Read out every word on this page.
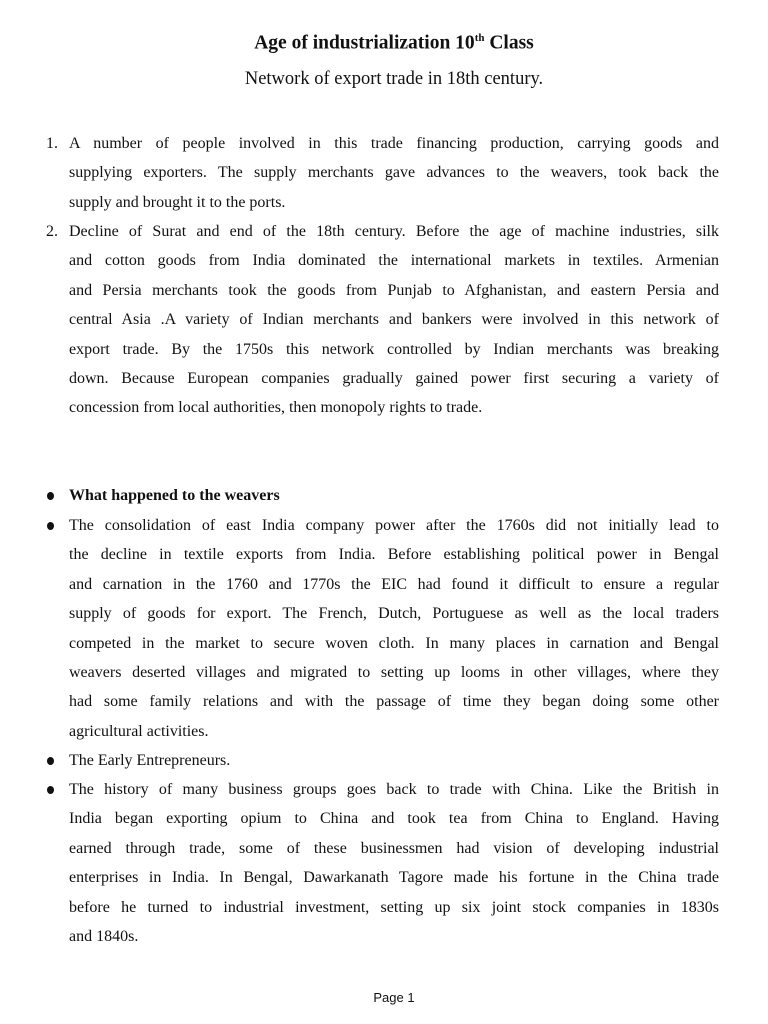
Age of industrialization 10th Class
Network of export trade in 18th century.
1. A number of people involved in this trade financing production, carrying goods and
supplying exporters. The supply merchants gave advances to the weavers, took back the
supply and brought it to the ports.
2. Decline of Surat and end of the 18th century. Before the age of machine industries, silk
and cotton goods from India dominated the international markets in textiles. Armenian
and Persia merchants took the goods from Punjab to Afghanistan, and eastern Persia and
central Asia .A variety of Indian merchants and bankers were involved in this network of
export trade. By the 1750s this network controlled by Indian merchants was breaking
down. Because European companies gradually gained power first securing a variety of
concession from local authorities, then monopoly rights to trade.
What happened to the weavers
The consolidation of east India company power after the 1760s did not initially lead to
the decline in textile exports from India. Before establishing political power in Bengal
and carnation in the 1760 and 1770s the EIC had found it difficult to ensure a regular
supply of goods for export. The French, Dutch, Portuguese as well as the local traders
competed in the market to secure woven cloth. In many places in carnation and Bengal
weavers deserted villages and migrated to setting up looms in other villages, where they
had some family relations and with the passage of time they began doing some other
agricultural activities.
The Early Entrepreneurs.
The history of many business groups goes back to trade with China. Like the British in
India began exporting opium to China and took tea from China to England. Having
earned through trade, some of these businessmen had vision of developing industrial
enterprises in India. In Bengal, Dawarkanath Tagore made his fortune in the China trade
before he turned to industrial investment, setting up six joint stock companies in 1830s
and 1840s.
Page 1
